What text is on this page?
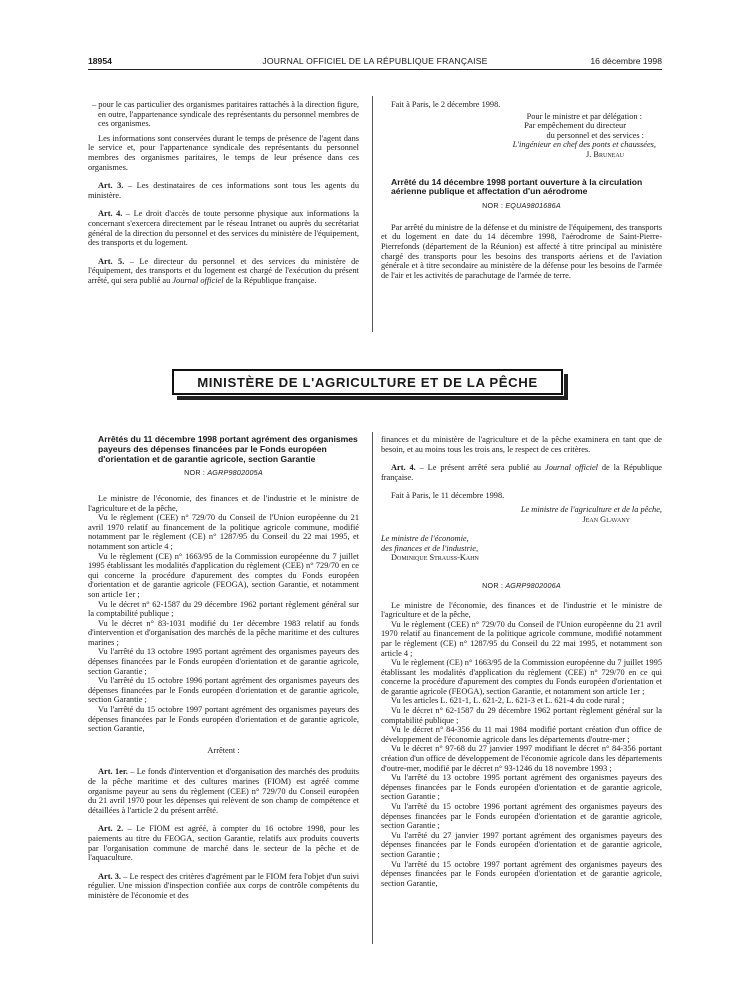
18954	JOURNAL OFFICIEL DE LA RÉPUBLIQUE FRANÇAISE	16 décembre 1998

– pour le cas particulier des organismes paritaires rattachés à la direction figure, en outre, l'appartenance syndicale des représentants du personnel membres de ces organismes.

Les informations sont conservées durant le temps de présence de l'agent dans le service et, pour l'appartenance syndicale des représentants du personnel membres des organismes paritaires, le temps de leur présence dans ces organismes.

Art. 3. – Les destinataires de ces informations sont tous les agents du ministère.

Art. 4. – Le droit d'accès de toute personne physique aux informations la concernant s'exercera directement par le réseau Intranet ou auprès du secrétariat général de la direction du personnel et des services du ministère de l'équipement, des transports et du logement.

Art. 5. – Le directeur du personnel et des services du ministère de l'équipement, des transports et du logement est chargé de l'exécution du présent arrêté, qui sera publié au Journal officiel de la République française.

Fait à Paris, le 2 décembre 1998.

Pour le ministre et par délégation :

Par empêchement du directeur

du personnel et des services :

L'ingénieur en chef des ponts et chaussées,

J. Bruneau

Arrêté du 14 décembre 1998 portant ouverture à la circulation aérienne publique et affectation d'un aérodrome

NOR : EQUA9801686A

Par arrêté du ministre de la défense et du ministre de l'équipement, des transports et du logement en date du 14 décembre 1998, l'aérodrome de Saint-Pierre-Pierrefonds (département de la Réunion) est affecté à titre principal au ministère chargé des transports pour les besoins des transports aériens et de l'aviation générale et à titre secondaire au ministère de la défense pour les besoins de l'armée de l'air et les activités de parachutage de l'armée de terre.

MINISTÈRE DE L'AGRICULTURE ET DE LA PÊCHE

Arrêtés du 11 décembre 1998 portant agrément des organismes payeurs des dépenses financées par le Fonds européen d'orientation et de garantie agricole, section Garantie

NOR : AGRP9802005A

Le ministre de l'économie, des finances et de l'industrie et le ministre de l'agriculture et de la pêche,

Vu le règlement (CEE) n° 729/70 du Conseil de l'Union européenne du 21 avril 1970 relatif au financement de la politique agricole commune, modifié notamment par le règlement (CE) n° 1287/95 du Conseil du 22 mai 1995, et notamment son article 4 ;

Vu le règlement (CE) n° 1663/95 de la Commission européenne du 7 juillet 1995 établissant les modalités d'application du règlement (CEE) n° 729/70 en ce qui concerne la procédure d'apurement des comptes du Fonds européen d'orientation et de garantie agricole (FEOGA), section Garantie, et notamment son article 1er ;

Vu le décret n° 62-1587 du 29 décembre 1962 portant règlement général sur la comptabilité publique ;

Vu le décret n° 83-1031 modifié du 1er décembre 1983 relatif au fonds d'intervention et d'organisation des marchés de la pêche maritime et des cultures marines ;

Vu l'arrêté du 13 octobre 1995 portant agrément des organismes payeurs des dépenses financées par le Fonds européen d'orientation et de garantie agricole, section Garantie ;

Vu l'arrêté du 15 octobre 1996 portant agrément des organismes payeurs des dépenses financées par le Fonds européen d'orientation et de garantie agricole, section Garantie ;

Vu l'arrêté du 15 octobre 1997 portant agrément des organismes payeurs des dépenses financées par le Fonds européen d'orientation et de garantie agricole, section Garantie,

Arrêtent :

Art. 1er. – Le fonds d'intervention et d'organisation des marchés des produits de la pêche maritime et des cultures marines (FIOM) est agréé comme organisme payeur au sens du règlement (CEE) n° 729/70 du Conseil européen du 21 avril 1970 pour les dépenses qui relèvent de son champ de compétence et détaillées à l'article 2 du présent arrêté.

Art. 2. – Le FIOM est agréé, à compter du 16 octobre 1998, pour les paiements au titre du FEOGA, section Garantie, relatifs aux produits couverts par l'organisation commune de marché dans le secteur de la pêche et de l'aquaculture.

Art. 3. – Le respect des critères d'agrément par le FIOM fera l'objet d'un suivi régulier. Une mission d'inspection confiée aux corps de contrôle compétents du ministère de l'économie et des

finances et du ministère de l'agriculture et de la pêche examinera en tant que de besoin, et au moins tous les trois ans, le respect de ces critères.

Art. 4. – Le présent arrêté sera publié au Journal officiel de la République française.

Fait à Paris, le 11 décembre 1998.

Le ministre de l'agriculture et de la pêche,

Jean Glavany

Le ministre de l'économie,

des finances et de l'industrie,

Dominique Strauss-Kahn

NOR : AGRP9802006A

Le ministre de l'économie, des finances et de l'industrie et le ministre de l'agriculture et de la pêche,

Vu le règlement (CEE) n° 729/70 du Conseil de l'Union européenne du 21 avril 1970 relatif au financement de la politique agricole commune, modifié notamment par le règlement (CE) n° 1287/95 du Conseil du 22 mai 1995, et notamment son article 4 ;

Vu le règlement (CE) n° 1663/95 de la Commission européenne du 7 juillet 1995 établissant les modalités d'application du règlement (CEE) n° 729/70 en ce qui concerne la procédure d'apurement des comptes du Fonds européen d'orientation et de garantie agricole (FEOGA), section Garantie, et notamment son article 1er ;

Vu les articles L. 621-1, L. 621-2, L. 621-3 et L. 621-4 du code rural ;

Vu le décret n° 62-1587 du 29 décembre 1962 portant règlement général sur la comptabilité publique ;

Vu le décret n° 84-356 du 11 mai 1984 modifié portant création d'un office de développement de l'économie agricole dans les départements d'outre-mer ;

Vu le décret n° 97-68 du 27 janvier 1997 modifiant le décret n° 84-356 portant création d'un office de développement de l'économie agricole dans les départements d'outre-mer, modifié par le décret n° 93-1246 du 18 novembre 1993 ;

Vu l'arrêté du 13 octobre 1995 portant agrément des organismes payeurs des dépenses financées par le Fonds européen d'orientation et de garantie agricole, section Garantie ;

Vu l'arrêté du 15 octobre 1996 portant agrément des organismes payeurs des dépenses financées par le Fonds européen d'orientation et de garantie agricole, section Garantie ;

Vu l'arrêté du 27 janvier 1997 portant agrément des organismes payeurs des dépenses financées par le Fonds européen d'orientation et de garantie agricole, section Garantie ;

Vu l'arrêté du 15 octobre 1997 portant agrément des organismes payeurs des dépenses financées par le Fonds européen d'orientation et de garantie agricole, section Garantie,
